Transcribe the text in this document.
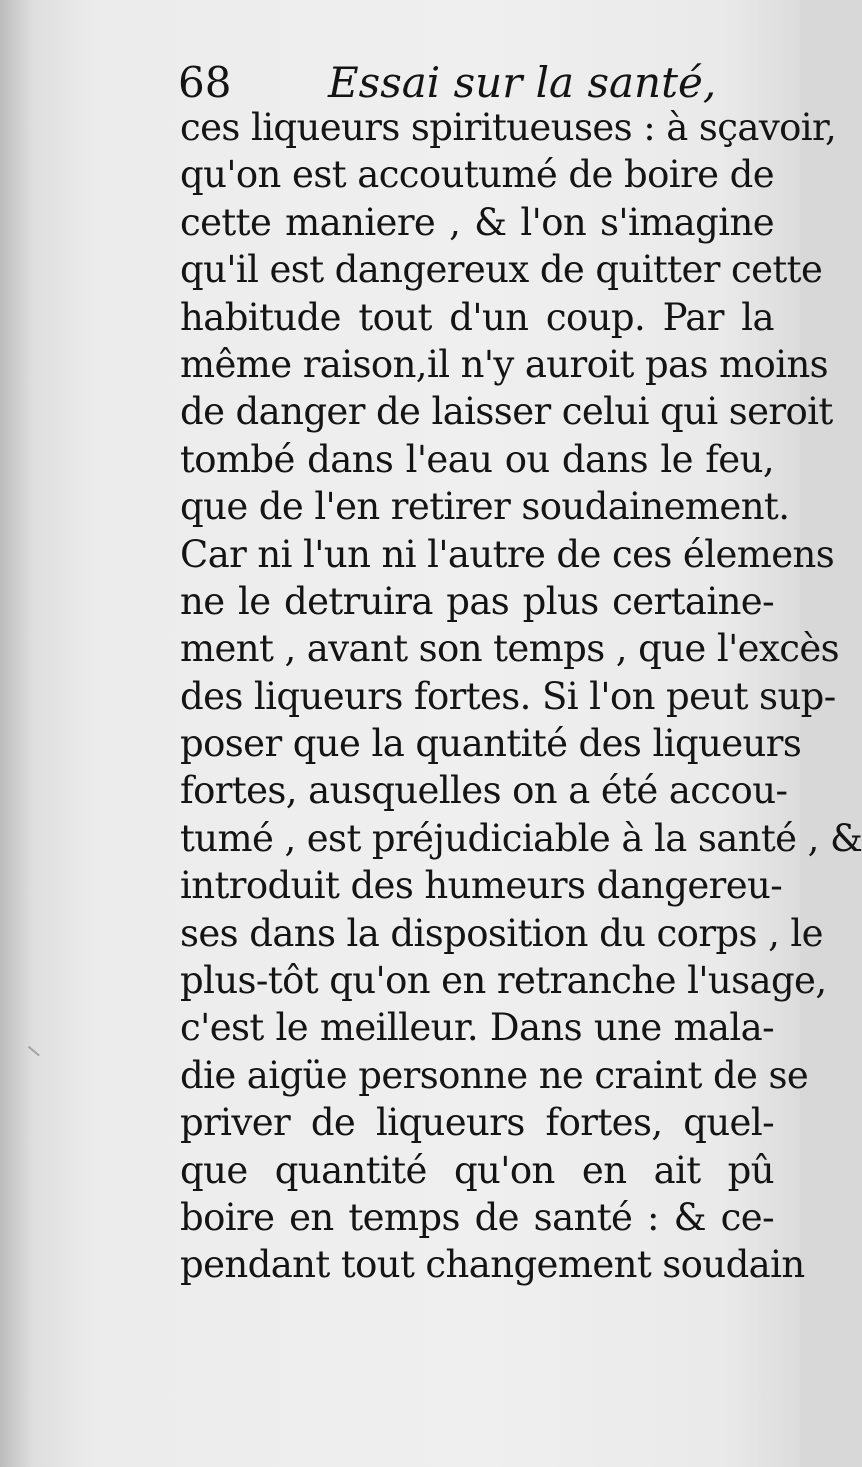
68 Essai sur la santé,
ces liqueurs spiritueuses : à sçavoir,
qu'on est accoutumé de boire de
cette maniere , & l'on s'imagine
qu'il est dangereux de quitter cette
habitude tout d'un coup. Par la
même raison,il n'y auroit pas moins
de danger de laisser celui qui seroit
tombé dans l'eau ou dans le feu,
que de l'en retirer soudainement.
Car ni l'un ni l'autre de ces élemens
ne le detruira pas plus certaine-
ment , avant son temps , que l'excès
des liqueurs fortes. Si l'on peut sup-
poser que la quantité des liqueurs
fortes, ausquelles on a été accou-
tumé , est préjudiciable à la santé , &
introduit des humeurs dangereu-
ses dans la disposition du corps , le
plus-tôt qu'on en retranche l'usage,
c'est le meilleur. Dans une mala-
die aigüe personne ne craint de se
priver de liqueurs fortes, quel-
que quantité qu'on en ait pû
boire en temps de santé : & ce-
pendant tout changement soudain
